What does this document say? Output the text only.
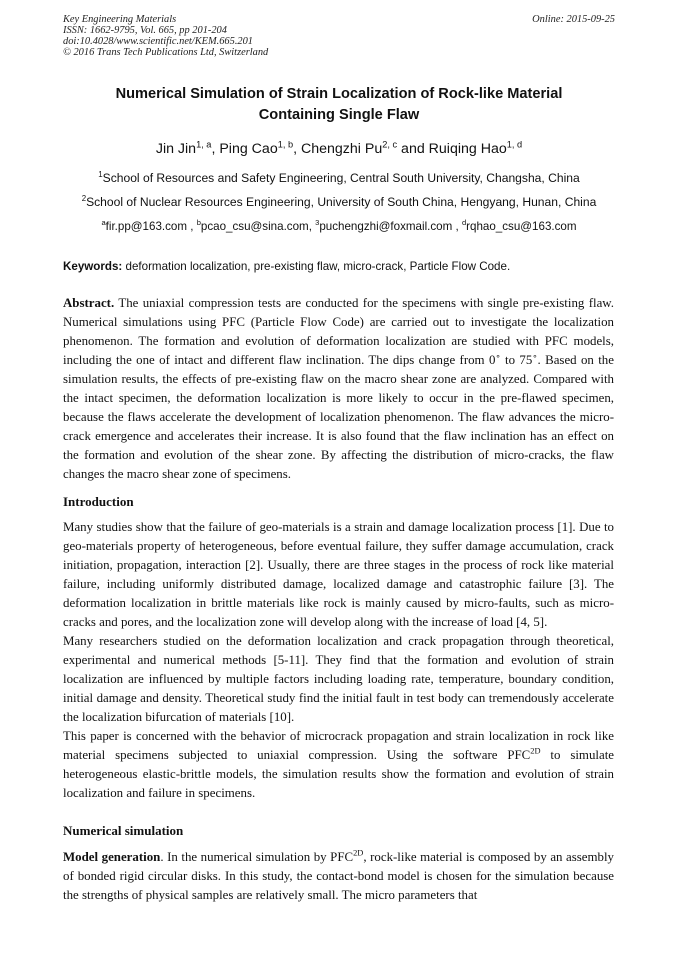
Key Engineering Materials
ISSN: 1662-9795, Vol. 665, pp 201-204
doi:10.4028/www.scientific.net/KEM.665.201
© 2016 Trans Tech Publications Ltd, Switzerland
Online: 2015-09-25
Numerical Simulation of Strain Localization of Rock-like Material
Containing Single Flaw
Jin Jin$^{1, a}$, Ping Cao$^{1, b}$, Chengzhi Pu$^{2, c}$ and Ruiqing Hao$^{1, d}$
$^1$School of Resources and Safety Engineering, Central South University, Changsha, China
$^2$School of Nuclear Resources Engineering, University of South China, Hengyang, Hunan, China
$^a$fir.pp@163.com , $^b$pcao_csu@sina.com, $^3$puchengzhi@foxmail.com , $^d$rqhao_csu@163.com
Keywords: deformation localization, pre-existing flaw, micro-crack, Particle Flow Code.
Abstract. The uniaxial compression tests are conducted for the specimens with single pre-existing flaw. Numerical simulations using PFC (Particle Flow Code) are carried out to investigate the localization phenomenon. The formation and evolution of deformation localization are studied with PFC models, including the one of intact and different flaw inclination. The dips change from 0∘ to 75∘. Based on the simulation results, the effects of pre-existing flaw on the macro shear zone are analyzed. Compared with the intact specimen, the deformation localization is more likely to occur in the pre-flawed specimen, because the flaws accelerate the development of localization phenomenon. The flaw advances the micro-crack emergence and accelerates their increase. It is also found that the flaw inclination has an effect on the formation and evolution of the shear zone. By affecting the distribution of micro-cracks, the flaw changes the macro shear zone of specimens.
Introduction
Many studies show that the failure of geo-materials is a strain and damage localization process [1]. Due to geo-materials property of heterogeneous, before eventual failure, they suffer damage accumulation, crack initiation, propagation, interaction [2]. Usually, there are three stages in the process of rock like material failure, including uniformly distributed damage, localized damage and catastrophic failure [3]. The deformation localization in brittle materials like rock is mainly caused by micro-faults, such as micro-cracks and pores, and the localization zone will develop along with the increase of load [4, 5].
Many researchers studied on the deformation localization and crack propagation through theoretical, experimental and numerical methods [5-11]. They find that the formation and evolution of strain localization are influenced by multiple factors including loading rate, temperature, boundary condition, initial damage and density. Theoretical study find the initial fault in test body can tremendously accelerate the localization bifurcation of materials [10].
This paper is concerned with the behavior of microcrack propagation and strain localization in rock like material specimens subjected to uniaxial compression. Using the software $PFC^{2D}$ to simulate heterogeneous elastic-brittle models, the simulation results show the formation and evolution of strain localization and failure in specimens.
Numerical simulation
Model generation. In the numerical simulation by $PFC^{2D}$, rock-like material is composed by an assembly of bonded rigid circular disks. In this study, the contact-bond model is chosen for the simulation because the strengths of physical samples are relatively small. The micro parameters that
